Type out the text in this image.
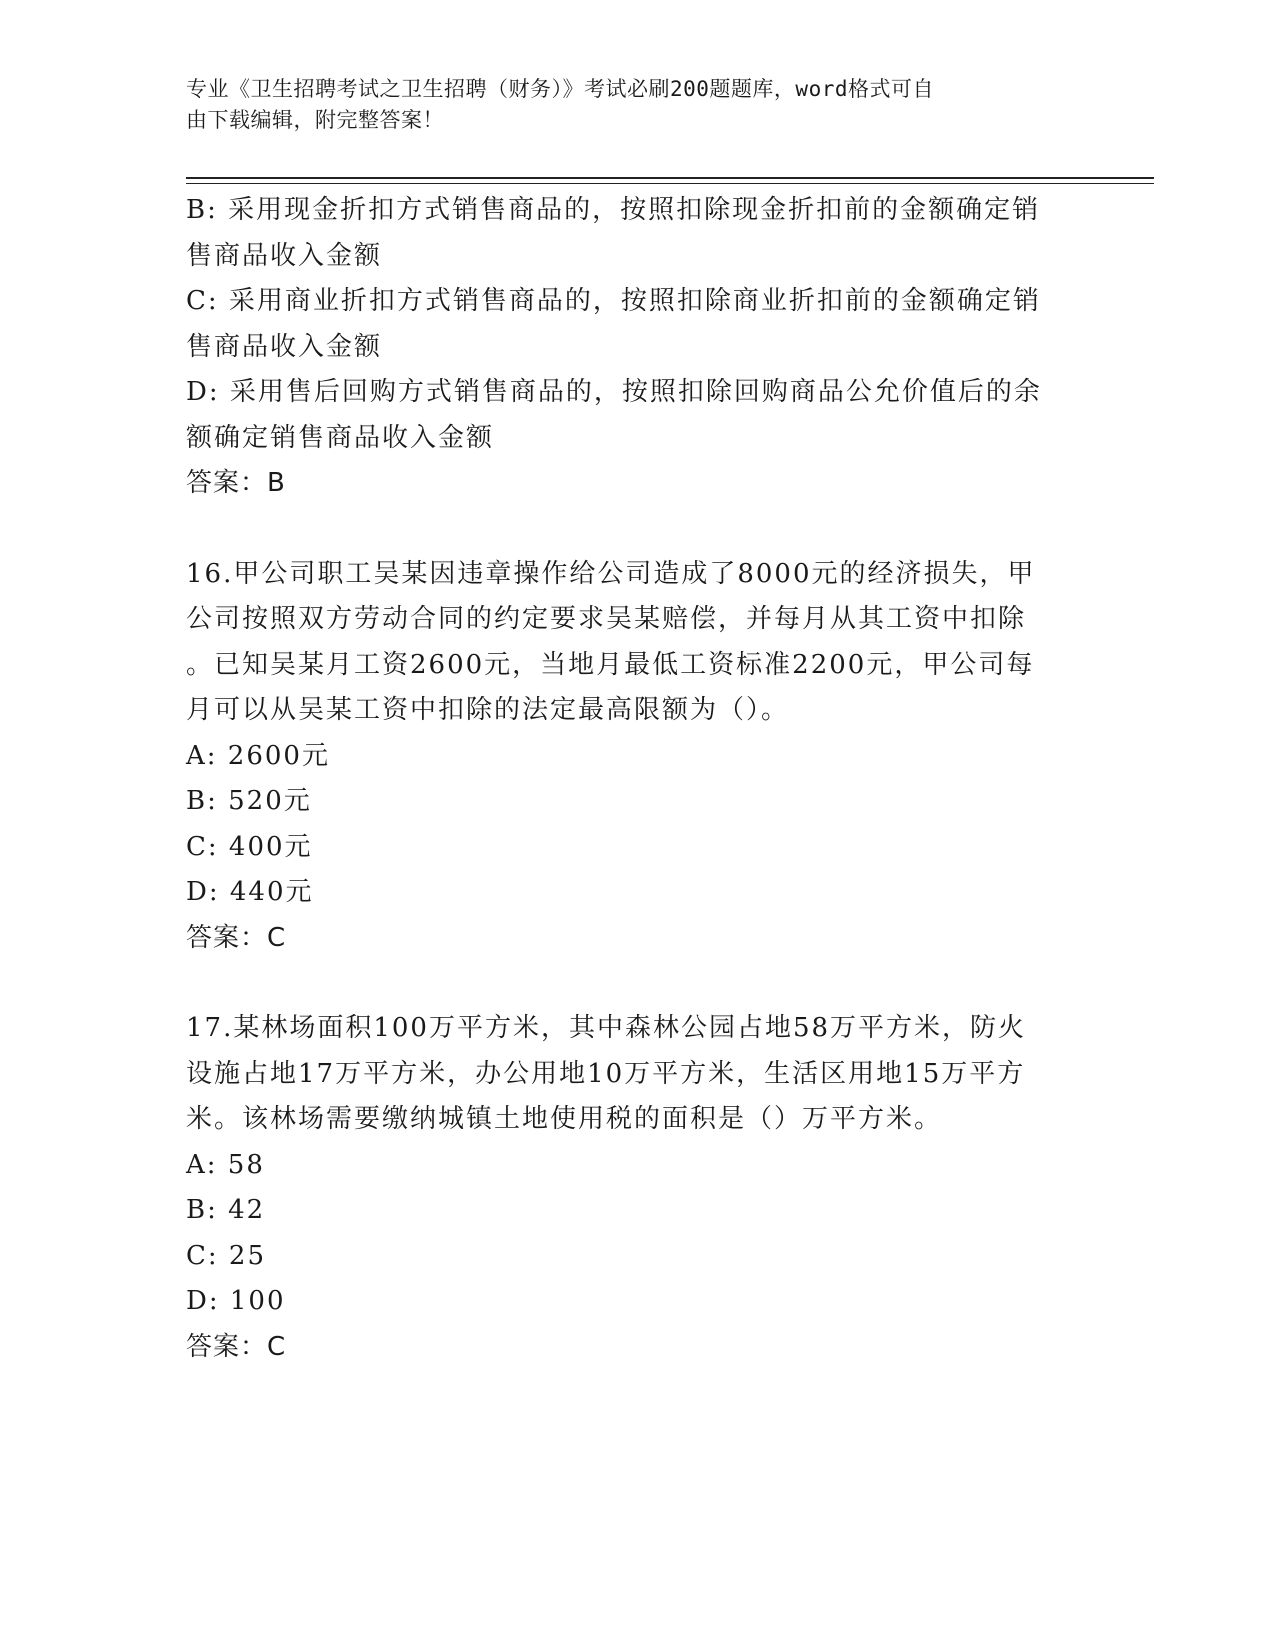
专业《卫生招聘考试之卫生招聘（财务）》考试必刷200题题库，word格式可自
由下载编辑，附完整答案！

B: 采用现金折扣方式销售商品的，按照扣除现金折扣前的金额确定销

售商品收入金额

C: 采用商业折扣方式销售商品的，按照扣除商业折扣前的金额确定销

售商品收入金额

D: 采用售后回购方式销售商品的，按照扣除回购商品公允价值后的余

额确定销售商品收入金额

答案：B

16.甲公司职工吴某因违章操作给公司造成了8000元的经济损失，甲

公司按照双方劳动合同的约定要求吴某赔偿，并每月从其工资中扣除

。已知吴某月工资2600元，当地月最低工资标准2200元，甲公司每

月可以从吴某工资中扣除的法定最高限额为（）。

A: 2600元

B: 520元

C: 400元

D: 440元

答案：C

17.某林场面积100万平方米，其中森林公园占地58万平方米，防火

设施占地17万平方米，办公用地10万平方米，生活区用地15万平方

米。该林场需要缴纳城镇土地使用税的面积是（）万平方米。

A: 58

B: 42

C: 25

D: 100

答案：C
